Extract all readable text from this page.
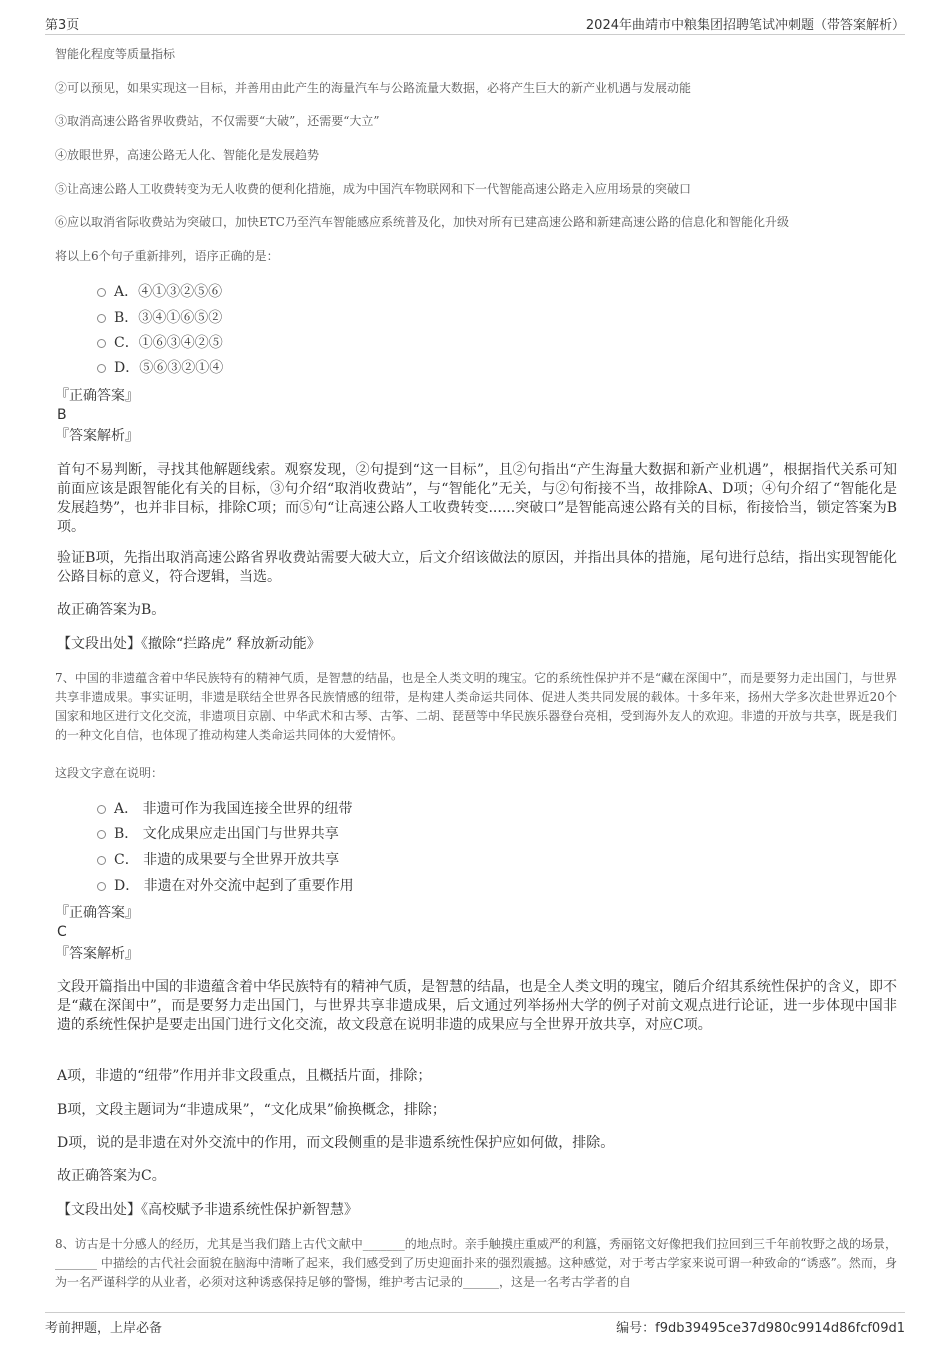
第3页	2024年曲靖市中粮集团招聘笔试冲刺题（带答案解析）
智能化程度等质量指标
②可以预见，如果实现这一目标，并善用由此产生的海量汽车与公路流量大数据，必将产生巨大的新产业机遇与发展动能
③取消高速公路省界收费站，不仅需要“大破”，还需要“大立”
④放眼世界，高速公路无人化、智能化是发展趋势
⑤让高速公路人工收费转变为无人收费的便利化措施，成为中国汽车物联网和下一代智能高速公路走入应用场景的突破口
⑥应以取消省际收费站为突破口，加快ETC乃至汽车智能感应系统普及化，加快对所有已建高速公路和新建高速公路的信息化和智能化升级
将以上6个句子重新排列，语序正确的是：
A．④①③②⑤⑥
B．③④①⑥⑤②
C．①⑥③④②⑤
D．⑤⑥③②①④
『正确答案』
B
『答案解析』
首句不易判断，寻找其他解题线索。观察发现，②句提到“这一目标”，且②句指出“产生海量大数据和新产业机遇”，根据指代关系可知前面应该是跟智能化有关的目标，③句介绍“取消收费站”，与“智能化”无关，与②句衔接不当，故排除A、D项；④句介绍了“智能化是发展趋势”，也并非目标，排除C项；而⑤句“让高速公路人工收费转变......突破口”是智能高速公路有关的目标，衔接恰当，锁定答案为B项。
验证B项，先指出取消高速公路省界收费站需要大破大立，后文介绍该做法的原因，并指出具体的措施，尾句进行总结，指出实现智能化公路目标的意义，符合逻辑，当选。
故正确答案为B。
【文段出处】《撤除“拦路虎” 释放新动能》
7、中国的非遗蕴含着中华民族特有的精神气质，是智慧的结晶，也是全人类文明的瑰宝。它的系统性保护并不是“藏在深闺中”，而是要努力走出国门，与世界共享非遗成果。事实证明，非遗是联结全世界各民族情感的纽带，是构建人类命运共同体、促进人类共同发展的载体。十多年来，扬州大学多次赴世界近20个国家和地区进行文化交流，非遗项目京剧、中华武术和古琴、古筝、二胡、琵琶等中华民族乐器登台亮相，受到海外友人的欢迎。非遗的开放与共享，既是我们的一种文化自信，也体现了推动构建人类命运共同体的大爱情怀。
这段文字意在说明：
A． 非遗可作为我国连接全世界的纽带
B． 文化成果应走出国门与世界共享
C． 非遗的成果要与全世界开放共享
D． 非遗在对外交流中起到了重要作用
『正确答案』
C
『答案解析』
文段开篇指出中国的非遗蕴含着中华民族特有的精神气质，是智慧的结晶，也是全人类文明的瑰宝，随后介绍其系统性保护的含义，即不是“藏在深闺中”，而是要努力走出国门，与世界共享非遗成果，后文通过列举扬州大学的例子对前文观点进行论证，进一步体现中国非遗的系统性保护是要走出国门进行文化交流，故文段意在说明非遗的成果应与全世界开放共享，对应C项。
A项，非遗的“纽带”作用并非文段重点，且概括片面，排除；
B项，文段主题词为“非遗成果”，“文化成果”偷换概念，排除；
D项，说的是非遗在对外交流中的作用，而文段侧重的是非遗系统性保护应如何做，排除。
故正确答案为C。
【文段出处】《高校赋予非遗系统性保护新智慧》
8、访古是十分感人的经历，尤其是当我们踏上古代文献中_______的地点时。亲手触摸庄重威严的利簋，秀丽铭文好像把我们拉回到三千年前牧野之战的场景，_______ 中描绘的古代社会面貌在脑海中清晰了起来，我们感受到了历史迎面扑来的强烈震撼。这种感觉，对于考古学家来说可谓一种致命的“诱惑”。然而，身为一名严谨科学的从业者，必须对这种诱惑保持足够的警惕，维护考古记录的______，这是一名考古学者的自
考前押题，上岸必备	编号：f9db39495ce37d980c9914d86fcf09d1
